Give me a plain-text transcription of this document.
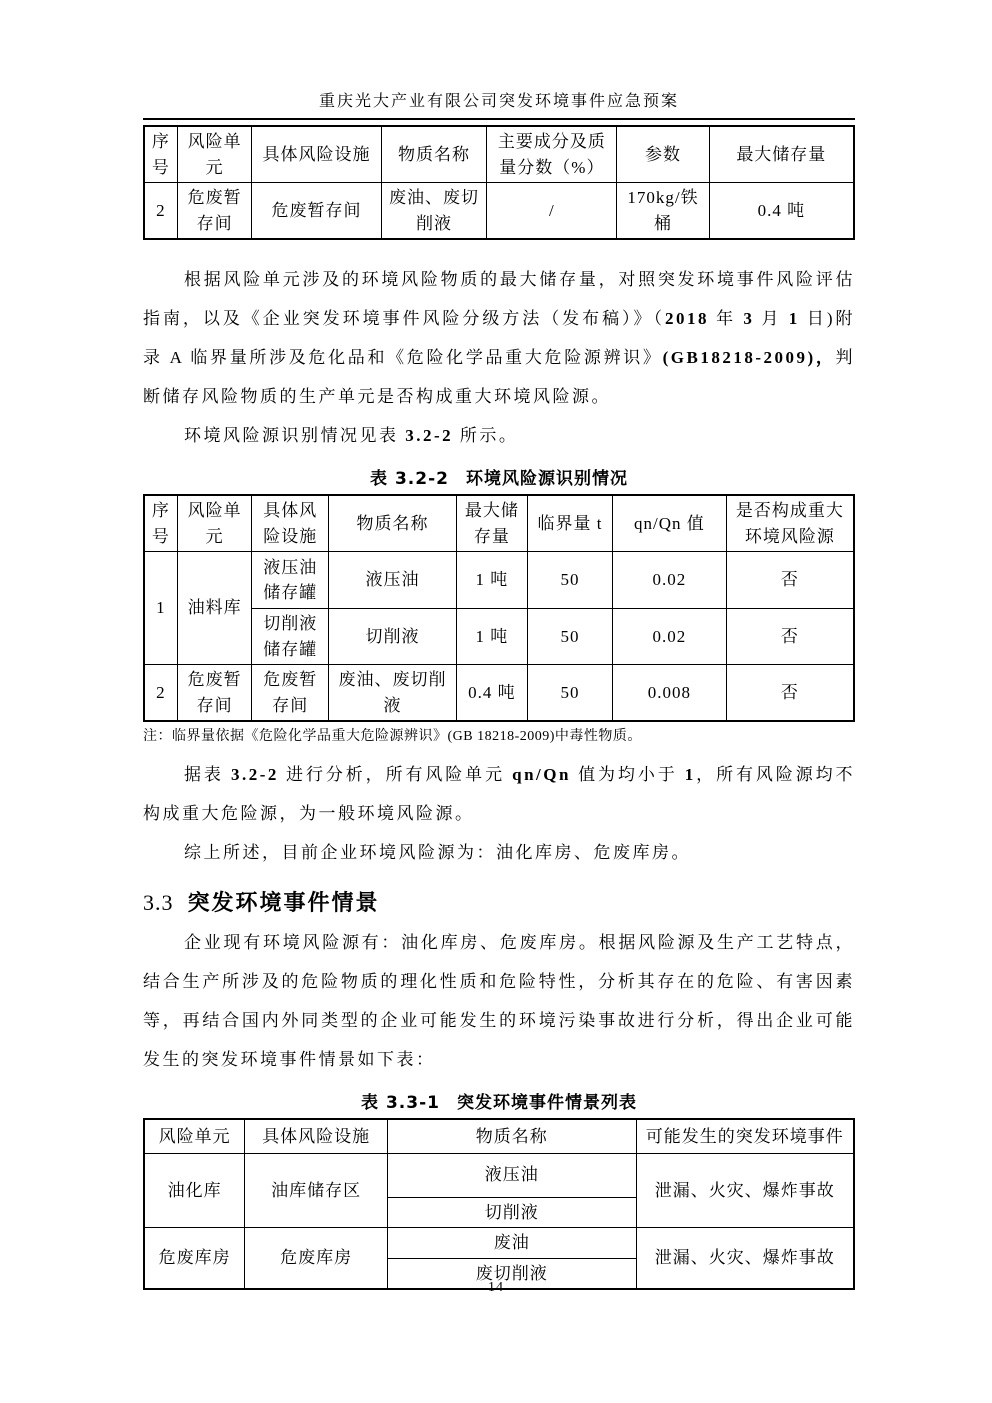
重庆光大产业有限公司突发环境事件应急预案
序号	风险单元	具体风险设施	物质名称	主要成分及质量分数（%）	参数	最大储存量
2	危废暂存间	危废暂存间	废油、废切削液	/	170kg/铁桶	0.4 吨

根据风险单元涉及的环境风险物质的最大储存量，对照突发环境事件风险评估指南，以及《企业突发环境事件风险分级方法（发布稿）》（2018 年 3 月 1 日)附录 A 临界量所涉及危化品和《危险化学品重大危险源辨识》(GB18218-2009)，判断储存风险物质的生产单元是否构成重大环境风险源。

环境风险源识别情况见表 3.2-2 所示。

表 3.2-2 环境风险源识别情况
序号	风险单元	具体风险设施	物质名称	最大储存量	临界量 t	qn/Qn 值	是否构成重大环境风险源
1	油料库	液压油储存罐	液压油	1 吨	50	0.02	否
		切削液储存罐	切削液	1 吨	50	0.02	否
2	危废暂存间	危废暂存间	废油、废切削液	0.4 吨	50	0.008	否

注：临界量依据《危险化学品重大危险源辨识》(GB 18218-2009)中毒性物质。

据表 3.2-2 进行分析，所有风险单元 qn/Qn 值为均小于 1，所有风险源均不构成重大危险源，为一般环境风险源。

综上所述，目前企业环境风险源为：油化库房、危废库房。

3.3 突发环境事件情景

企业现有环境风险源有：油化库房、危废库房。根据风险源及生产工艺特点，结合生产所涉及的危险物质的理化性质和危险特性，分析其存在的危险、有害因素等，再结合国内外同类型的企业可能发生的环境污染事故进行分析，得出企业可能发生的突发环境事件情景如下表：

表 3.3-1 突发环境事件情景列表
风险单元	具体风险设施	物质名称	可能发生的突发环境事件
油化库	油库储存区	液压油	泄漏、火灾、爆炸事故
		切削液	
危废库房	危废库房	废油	泄漏、火灾、爆炸事故
		废切削液	
14
